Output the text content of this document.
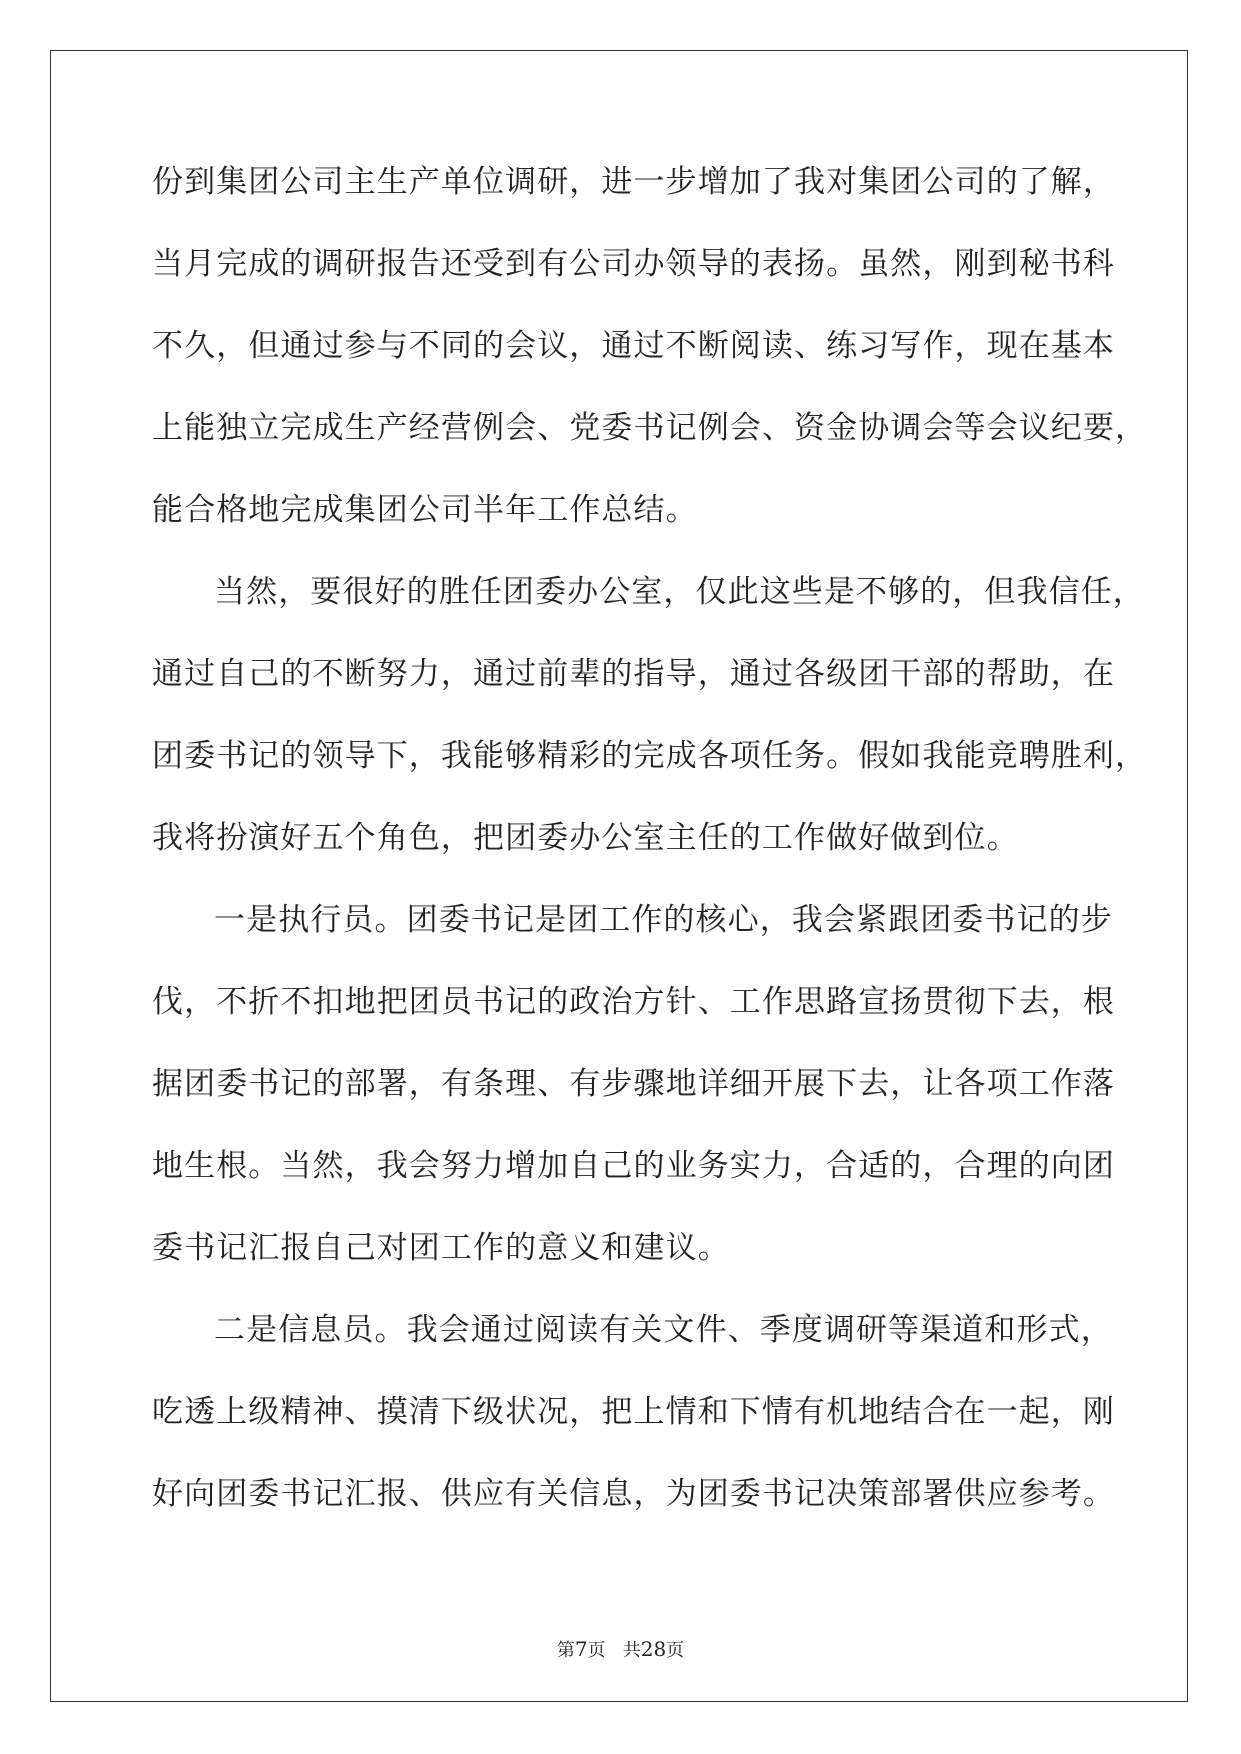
份到集团公司主生产单位调研，进一步增加了我对集团公司的了解，
当月完成的调研报告还受到有公司办领导的表扬。虽然，刚到秘书科
不久，但通过参与不同的会议，通过不断阅读、练习写作，现在基本
上能独立完成生产经营例会、党委书记例会、资金协调会等会议纪要，
能合格地完成集团公司半年工作总结。
当然，要很好的胜任团委办公室，仅此这些是不够的，但我信任，
通过自己的不断努力，通过前辈的指导，通过各级团干部的帮助，在
团委书记的领导下，我能够精彩的完成各项任务。假如我能竞聘胜利，
我将扮演好五个角色，把团委办公室主任的工作做好做到位。
一是执行员。团委书记是团工作的核心，我会紧跟团委书记的步
伐，不折不扣地把团员书记的政治方针、工作思路宣扬贯彻下去，根
据团委书记的部署，有条理、有步骤地详细开展下去，让各项工作落
地生根。当然，我会努力增加自己的业务实力，合适的，合理的向团
委书记汇报自己对团工作的意义和建议。
二是信息员。我会通过阅读有关文件、季度调研等渠道和形式，
吃透上级精神、摸清下级状况，把上情和下情有机地结合在一起，刚
好向团委书记汇报、供应有关信息，为团委书记决策部署供应参考。
第7页 共28页
